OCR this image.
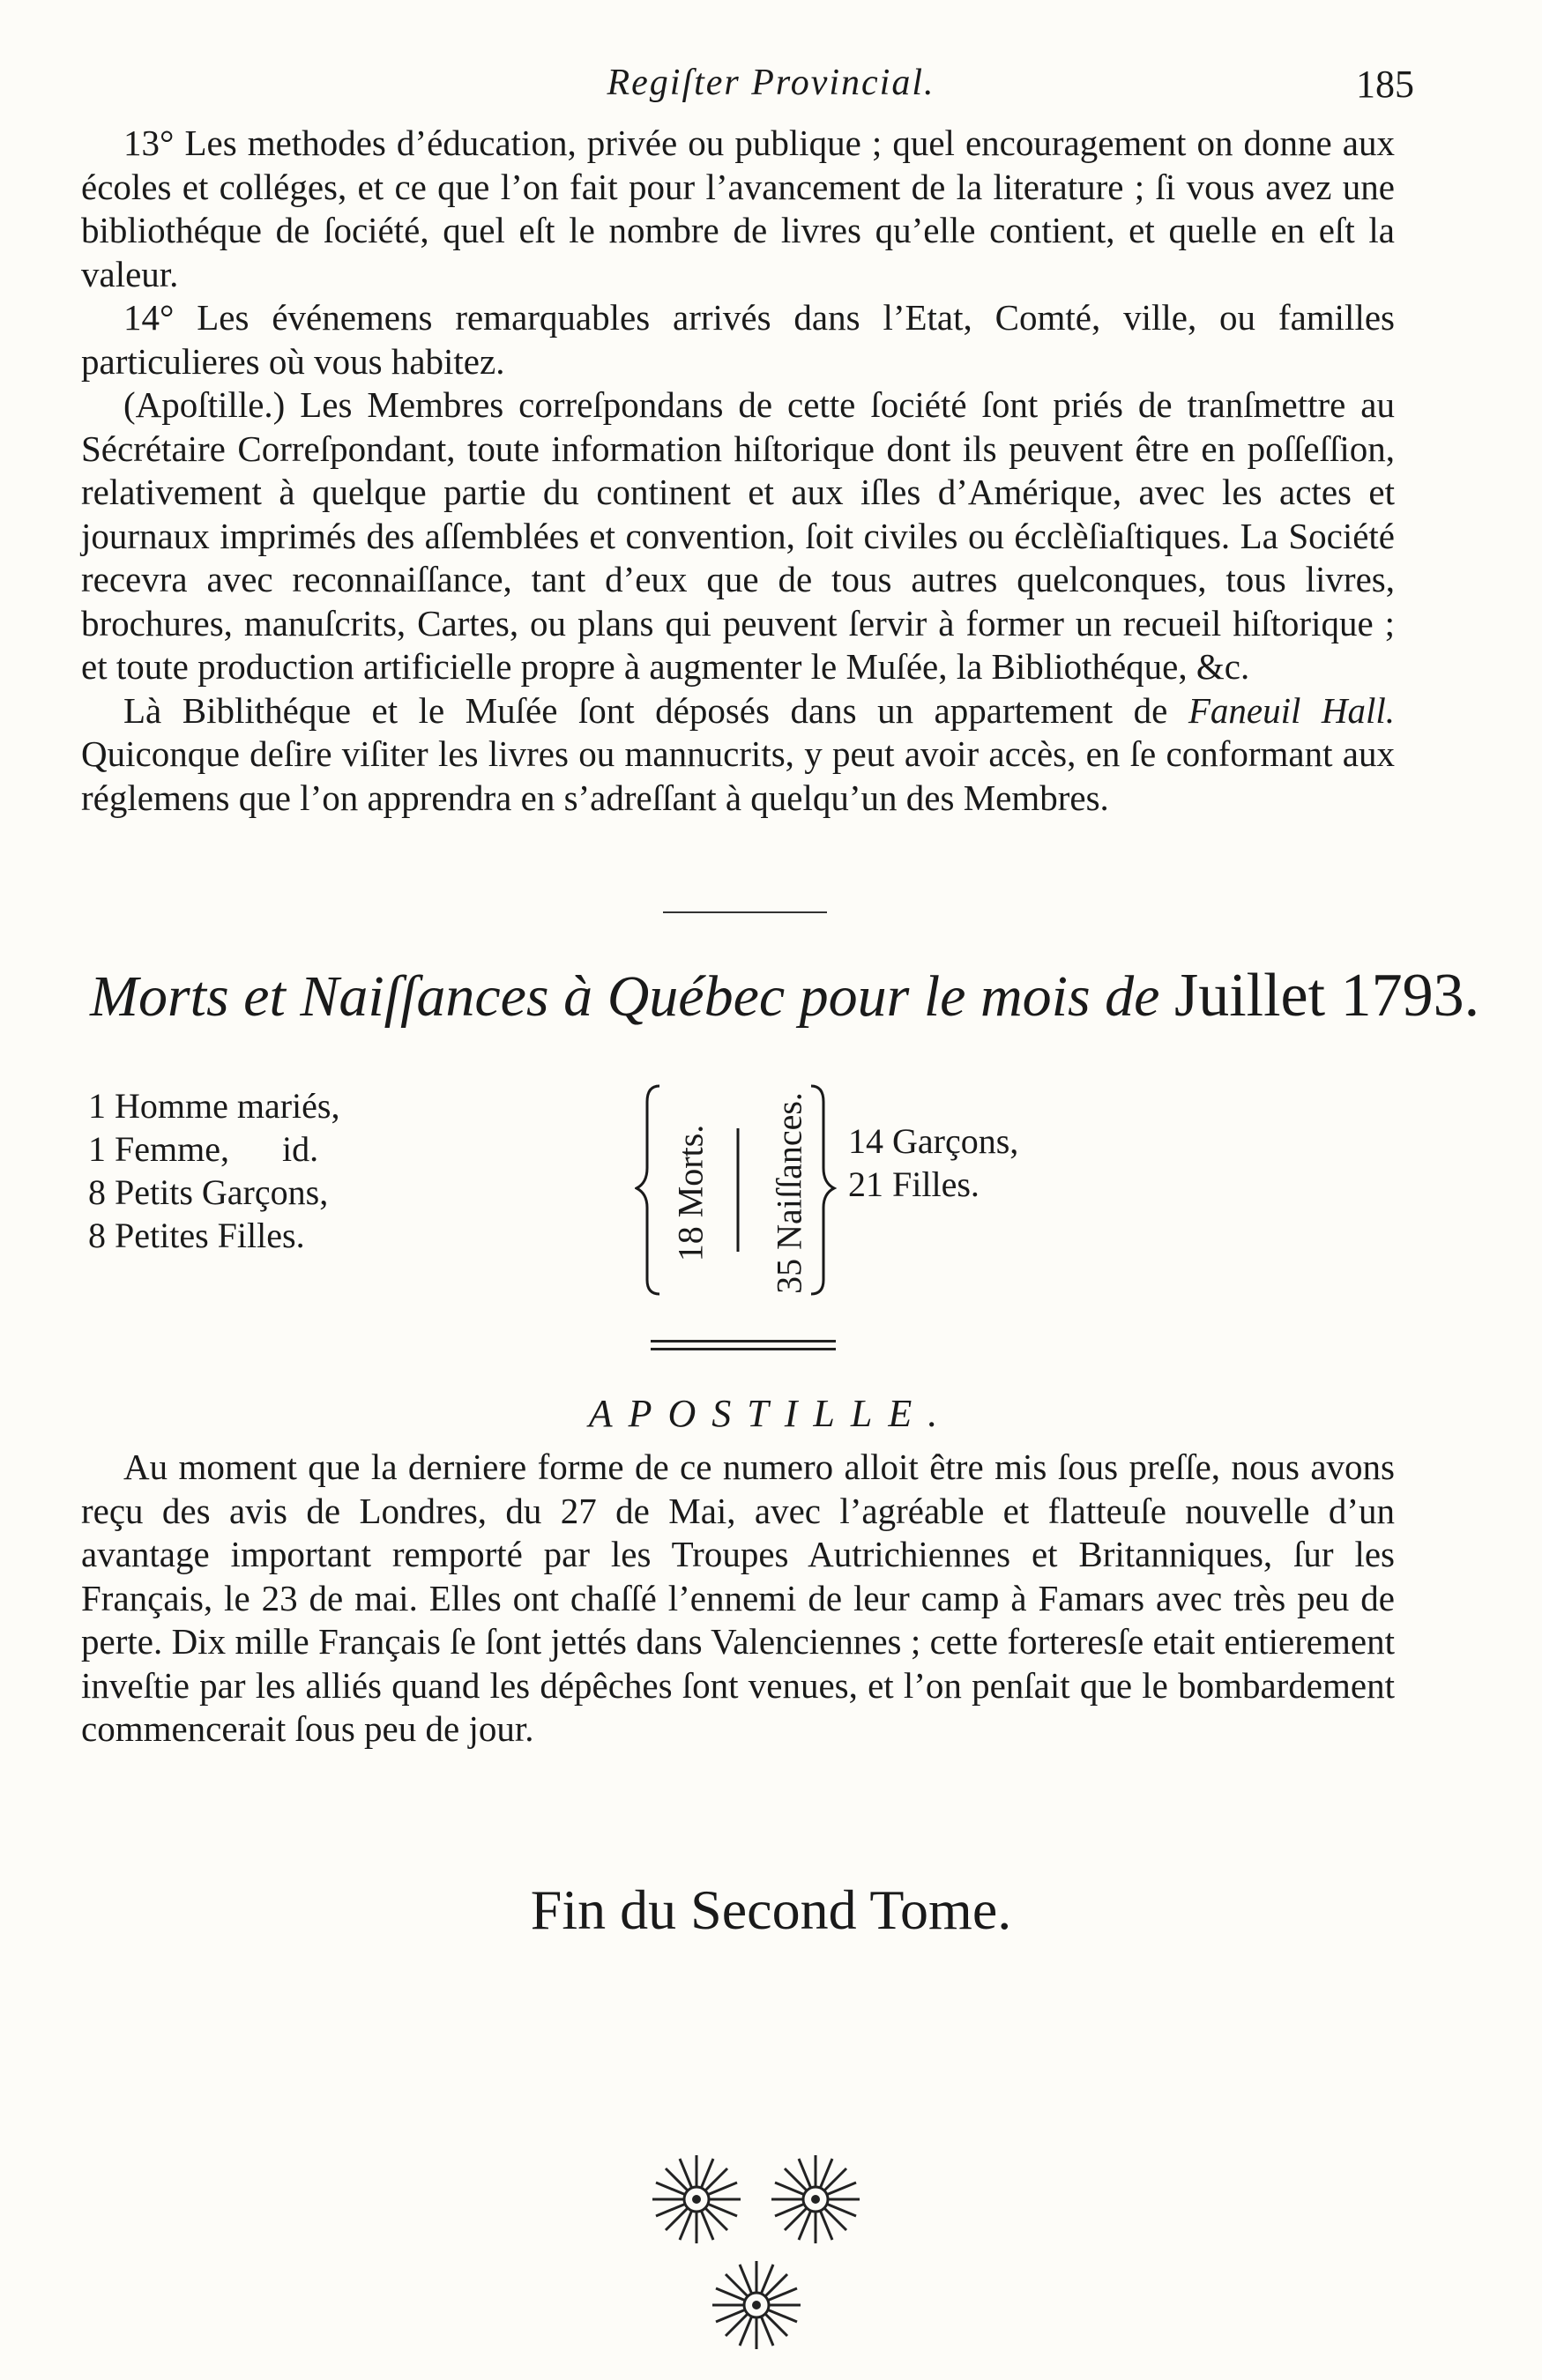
Regiſter Provincial.	185

13° Les methodes d’éducation, privée ou publique ; quel encouragement on donne aux écoles et colléges, et ce que l’on fait pour l’avancement de la literature ; ſi vous avez une bibliothéque de ſociété, quel eſt le nombre de livres qu’elle contient, et quelle en eſt la valeur.

14° Les événemens remarquables arrivés dans l’Etat, Comté, ville, ou familles particulieres où vous habitez.

(Apoſtille.) Les Membres correſpondans de cette ſociété ſont priés de tranſmettre au Sécrétaire Correſpondant, toute information hiſtorique dont ils peuvent être en poſſeſſion, relativement à quelque partie du continent et aux iſles d’Amérique, avec les actes et journaux imprimés des aſſemblées et convention, ſoit civiles ou écclèſiaſtiques. La Société recevra avec reconnaiſſance, tant d’eux que de tous autres quelconques, tous livres, brochures, manuſcrits, Cartes, ou plans qui peuvent ſervir à former un recueil hiſtorique ; et toute production artificielle propre à augmenter le Muſée, la Bibliothéque, &c.

Là Biblithéque et le Muſée ſont déposés dans un appartement de Faneuil Hall. Quiconque deſire viſiter les livres ou mannucrits, y peut avoir accès, en ſe conformant aux réglemens que l’on apprendra en s’adreſſant à quelqu’un des Membres.

Morts et Naiſſances à Québec pour le mois de Juillet 1793.
1 Homme mariés,
1 Femme,      id.
8 Petits Garçons,
8 Petites Filles.	18 Morts. 35 Naiſſances. 14 Garçons,
21 Filles.
APOSTILLE.

Au moment que la derniere forme de ce numero alloit être mis ſous preſſe, nous avons reçu des avis de Londres, du 27 de Mai, avec l’agréable et flatteuſe nouvelle d’un avantage important remporté par les Troupes Autrichiennes et Britanniques, ſur les Français, le 23 de mai. Elles ont chaſſé l’ennemi de leur camp à Famars avec très peu de perte. Dix mille Français ſe ſont jettés dans Valenciennes ; cette forteresſe etait entierement inveſtie par les alliés quand les dépêches ſont venues, et l’on penſait que le bombardement commencerait ſous peu de jour.

Fin du Second Tome.
